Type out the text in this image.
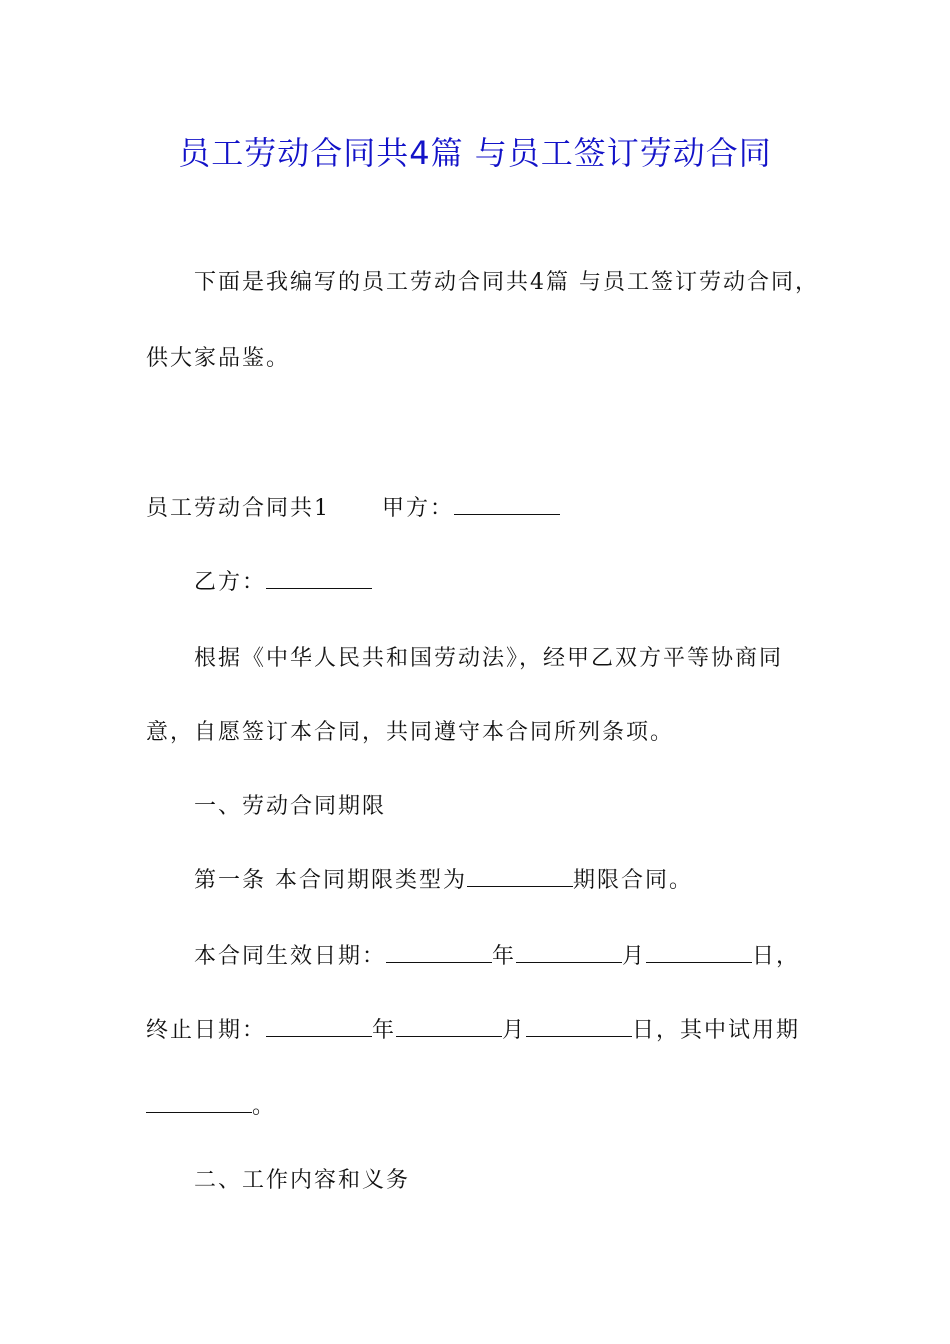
员工劳动合同共4篇 与员工签订劳动合同
下面是我编写的员工劳动合同共4篇 与员工签订劳动合同，
供大家品鉴。
员工劳动合同共1 甲方：
乙方：
根据《中华人民共和国劳动法》，经甲乙双方平等协商同
意，自愿签订本合同，共同遵守本合同所列条项。
一、劳动合同期限
第一条 本合同期限类型为	期限合同。
本合同生效日期：	年	月	日，
终止日期：	年	月	日，其中试用期
。
二、工作内容和义务
